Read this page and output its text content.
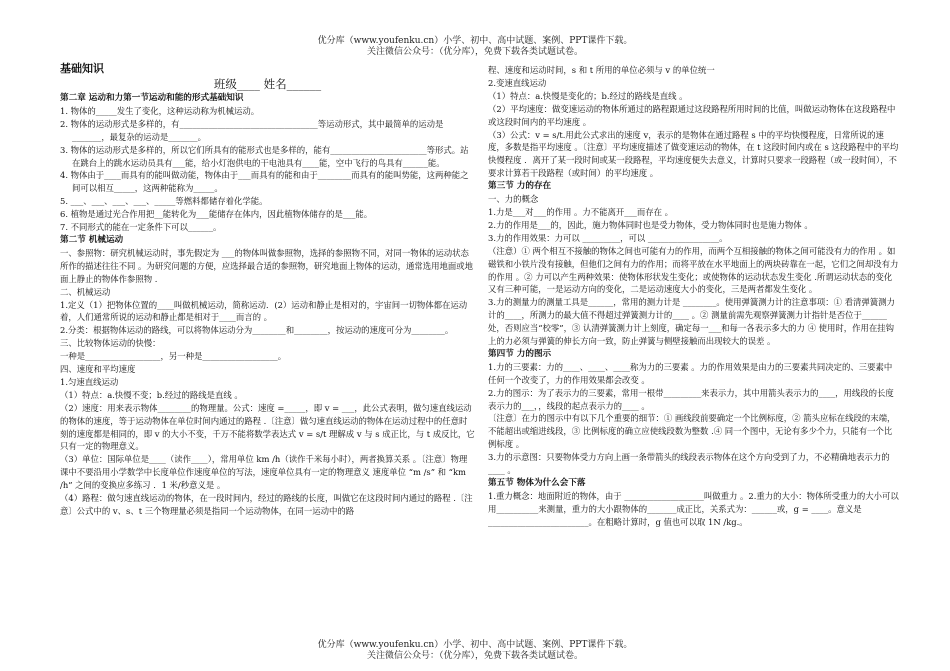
优分库（www.youfenku.cn）小学、初中、高中试题、案例、PPT课件下载。
关注微信公众号：（优分库），免费下载各类试题试卷。

基础知识

班级____ 姓名______

第二章 运动和力第一节运动和能的形式基础知识

1. 物体的_____发生了变化，这种运动称为机械运动。

2. 物体的运动形式是多样的，有_________________________________等运动形式，其中最简单的运动是_______，最复杂的运动是_______。

3. 物体的运动形式是多样的，所以它们所具有的能形式也是多样的，能有_______________________等形式。站在跳台上的跳水运动员具有___能，给小灯泡供电的干电池具有____能，空中飞行的鸟具有______能。

4. 物体由于____而具有的能叫做动能，物体由于___而具有的能和由于________而具有的能叫势能，这两种能之间可以相互_____，这两种能称为_____。

5. ___、___、___、___、_____等燃料都储存着化学能。

6. 植物是通过光合作用把__能转化为___能储存在体内，因此植物体储存的是___能。

7. 不同形式的能在一定条件下可以______。

第二节 机械运动

一、参照物：研究机械运动时，事先假定为 ___的物体叫做参照物，选择的参照物不同，对同一物体的运动状态所作的描述往往不同 。为研究问题的方便，应选择最合适的参照物，研究地面上物体的运动，通常选用地面或地面上静止的物体作参照物 .

二、机械运动

1.定义（1）把物体位置的____叫做机械运动，简称运动．(2）运动和静止是相对的，宇宙间一切物体都在运动着，人们通常所说的运动和静止都是相对于____而言的 。

2.分类：根据物体运动的路线，可以将物体运动分为________和________，按运动的速度可分为________。

三、比较物体运动的快慢：

一种是__________________，另一种是__________________。

四、速度和平均速度

1.匀速直线运动

（1）特点：a.快慢不变；b.经过的路线是直线 。

（2）速度：用来表示物体________的物理量。公式：速度 =_____，即 v = ___，此公式表明，做匀速直线运动的物体的速度，等于运动物体在单位时间内通过的路程 .〔注意〕做匀速直线运动的物体在运动过程中的任意时刻的速度都是相同的，即 v 的大小不变，千万不能将数学表达式 v = s/t 理解成 v 与 s 成正比，与 t 成反比，它只有一定的物理意义。

（3）单位：国际单位是____（读作____），常用单位 km /h（读作千米每小时），两者换算关系 。〔注意〕物理课中不要沿用小学数学中长度单位作速度单位的写法，速度单位具有一定的物理意义 速度单位 “m /s” 和 “km /h” 之间的变换应多练习 ．1 米/秒意义是 。

（4）路程：做匀速直线运动的物体，在一段时间内，经过的路线的长度，叫做它在这段时间内通过的路程 .〔注意〕公式中的 v、s、t 三个物理量必须是指同一个运动物体，在同一运动中的路

程、速度和运动时间，s 和 t 所用的单位必须与 v 的单位统一

2.变速直线运动

（1）特点：a.快慢是变化的；b.经过的路线是直线 。

（2）平均速度：做变速运动的物体所通过的路程跟通过这段路程所用时间的比值，叫做运动物体在这段路程中或这段时间内的平均速度 。

（3）公式：v = s/t.用此公式求出的速度 v，表示的是物体在通过路程 s 中的平均快慢程度，日常所说的速度，多数是指平均速度 。〔注意〕平均速度描述了做变速运动的物体，在 t 这段时间内或在 s 这段路程中的平均快慢程度 ．离开了某一段时间或某一段路程，平均速度便失去意义，计算时只要求一段路程（或一段时间），不要求计算若干段路程（或时间）的平均速度 。

第三节 力的存在

一、力的概念

1.力是___对___的作用 。力不能离开___而存在 。

2.力的作用是___的，因此，施力物体同时也是受力物体，受力物体同时也是施力物体 。

3.力的作用效果：力可以 _________，可以 _________________。

（注意）① 两个相互不接触的物体之间也可能有力的作用，而两个互相接触的物体之间可能没有力的作用 。如磁铁和小铁片没有接触，但他们之间有力的作用；而将平放在水平地面上的两块砖靠在一起，它们之间却没有力的作用 。② 力可以产生两种效果：使物体形状发生变化；或使物体的运动状态发生变化 .所谓运动状态的变化又有三种可能，一是运动方向的变化，二是运动速度大小的变化，三是两者都发生变化 。

3.力的测量力的测量工具是______，常用的测力计是 ________。使用弹簧测力计的注意事项：① 看清弹簧测力计的____，所测力的最大值不得超过弹簧测力计的____ 。② 测量前需先观察弹簧测力计指针是否位于______处，否则应当“校零”，③ 认清弹簧测力计上刻度，确定每一___和每一各表示多大的力 ④ 使用时，作用在挂钩上的力必须与弹簧的伸长方向一致，防止弹簧与侧壁接触而出现较大的误差 。

第四节 力的图示

1.力的三要素：力的____、____、____称为力的三要素 。力的作用效果是由力的三要素共同决定的、三要素中任何一个改变了，力的作用效果都会改变 。

2.力的图示：为了表示力的三要素，常用一根带_________来表示力，其中用箭头表示力的____，用线段的长度表示力的___，，线段的起点表示力的____ 。

〔注意〕在力的图示中有以下几个重要的细节：① 画线段前要确定一个比例标度，② 箭头应标在线段的末端，不能超出或缩进线段，③ 比例标度的确立应使线段数为整数 .④ 同一个图中，无论有多少个力，只能有一个比例标度 。

3.力的示意图：只要物体受力方向上画一条带箭头的线段表示物体在这个方向受到了力，不必精确地表示力的____ 。

第五节 物体为什么会下落

1.重力概念：地面附近的物体，由于 ___________________叫做重力 。2.重力的大小：物体所受重力的大小可以用__________来测量，重力的大小跟物体的_______成正比，关系式为：______或，g = ____。意义是________________________。在粗略计算时，g 值也可以取 1N /kg.。

优分库（www.youfenku.cn）小学、初中、高中试题、案例、PPT课件下载。
关注微信公众号：（优分库），免费下载各类试题试卷。
